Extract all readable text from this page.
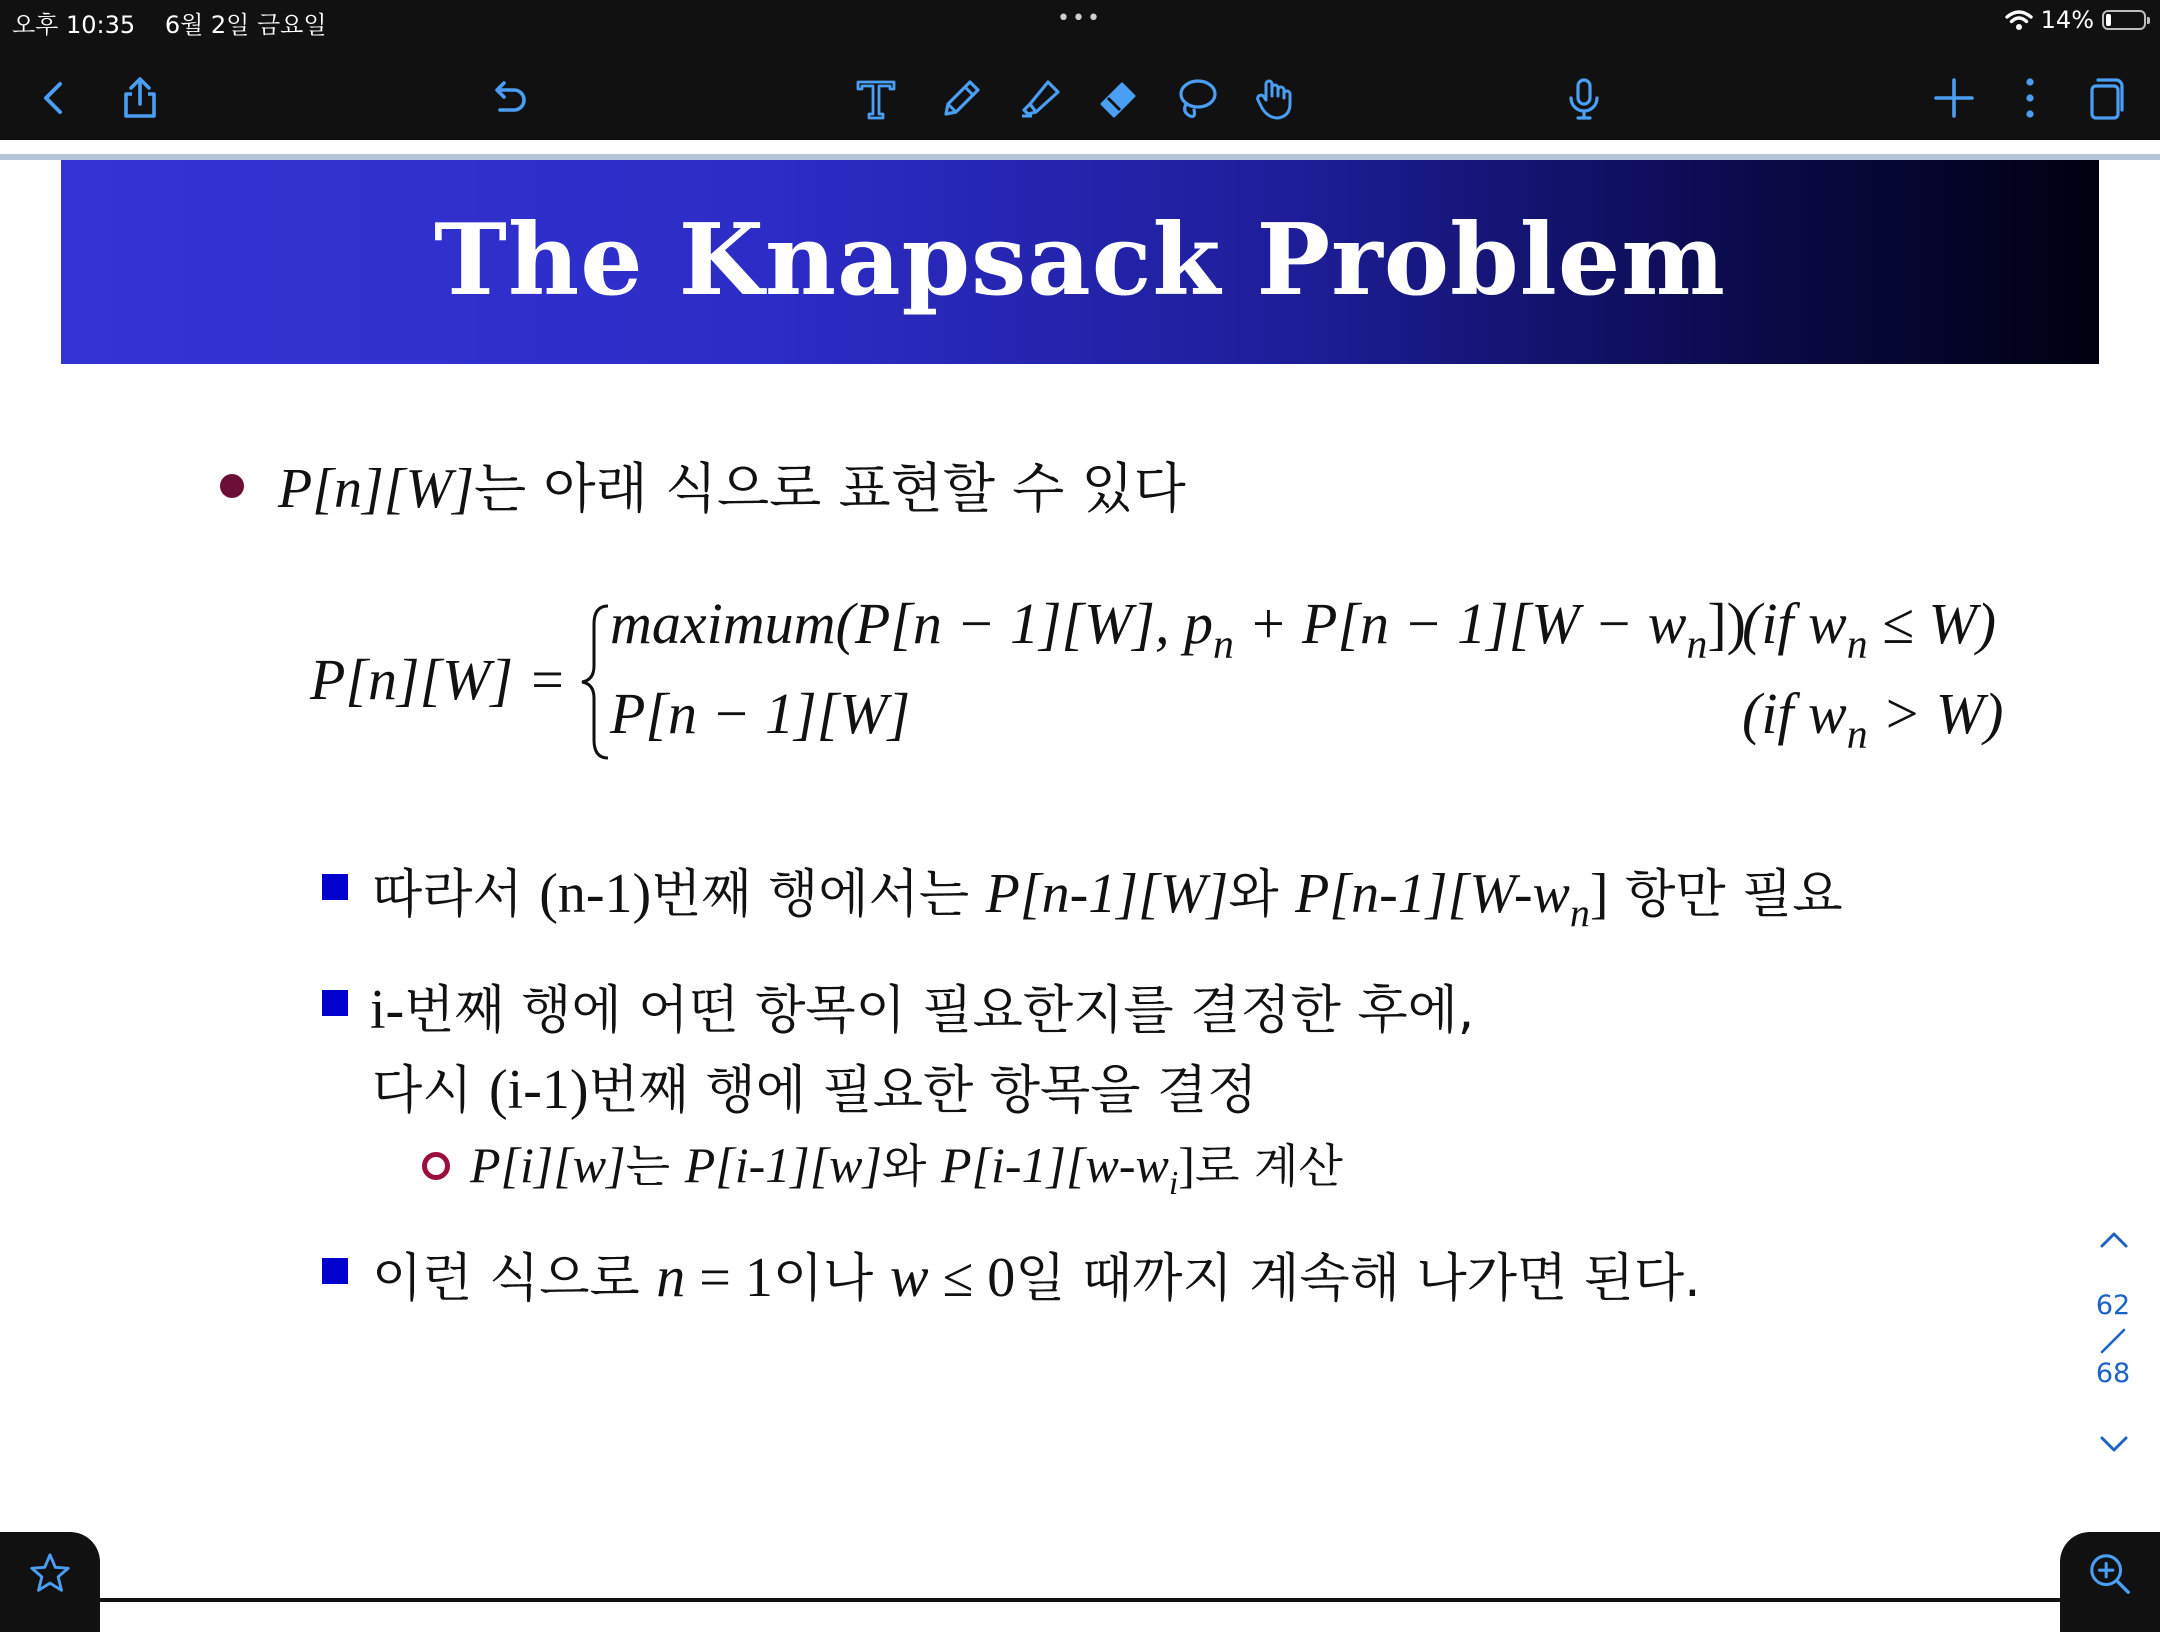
오후 10:35 6월 2일 금요일	•••	14%
The Knapsack Problem
P[n][W]는 아래 식으로 표현할 수 있다
P[n][W] =
maximum(P[n − 1][W], $p_n + P[n - 1][W - w_n]$)
(if $w_n \le W$)
P[n − 1][W]	(if $w_n > W$)
따라서 (n-1)번째 행에서는 P[n-1][W]와 $P[n-1][W-w_n]$ 항만 필요
i-번째 행에 어떤 항목이 필요한지를 결정한 후에,
다시 (i-1)번째 행에 필요한 항목을 결정
P[i][w]는 P[i-1][w]와 $P[i-1][w-w_i]$로 계산
이런 식으로 n = 1이나 w ≤ 0일 때까지 계속해 나가면 된다.	62
68
